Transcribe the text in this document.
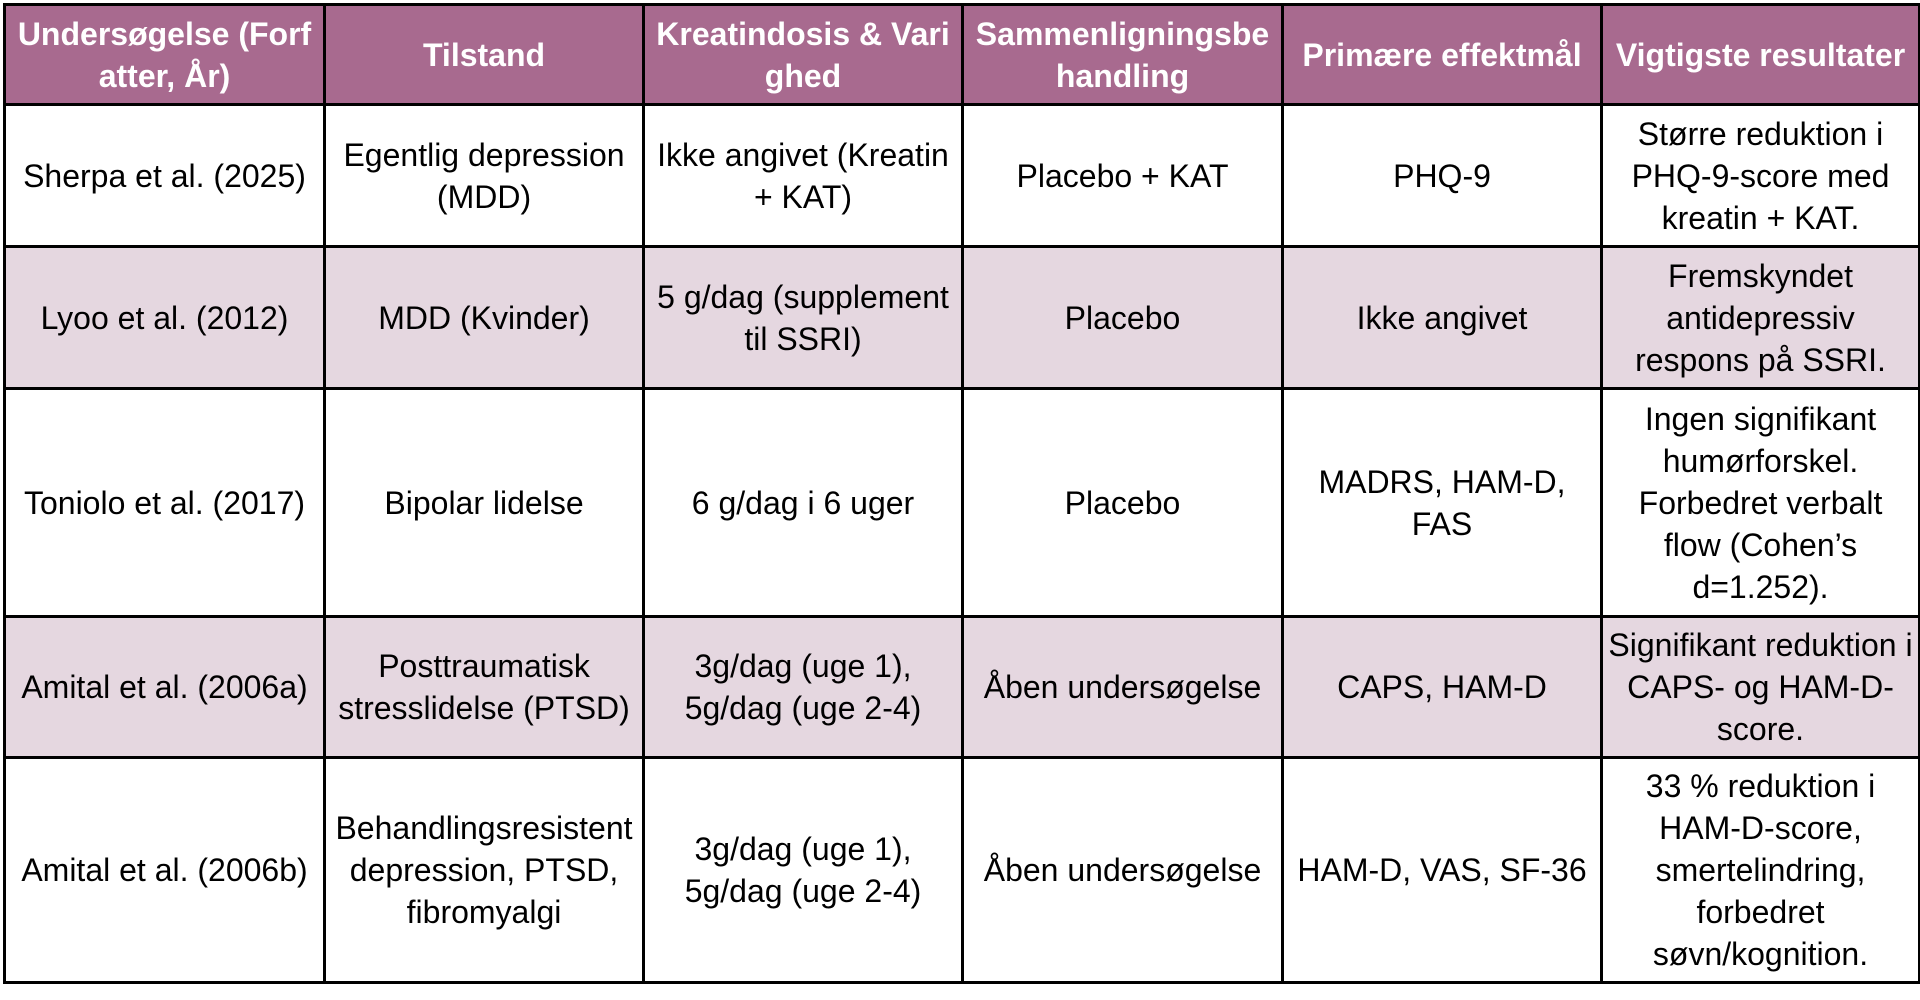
Undersøgelse (Forfatter, År)	Tilstand	Kreatindosis & Varighed	Sammenligningsbehandling	Primære effektmål	Vigtigste resultater
Sherpa et al. (2025)	Egentlig depression (MDD)	Ikke angivet (Kreatin + KAT)	Placebo + KAT	PHQ-9	Større reduktion i PHQ-9-score med kreatin + KAT.
Lyoo et al. (2012)	MDD (Kvinder)	5 g/dag (supplement til SSRI)	Placebo	Ikke angivet	Fremskyndet antidepressiv respons på SSRI.
Toniolo et al. (2017)	Bipolar lidelse	6 g/dag i 6 uger	Placebo	MADRS, HAM-D, FAS	Ingen signifikant humørforskel. Forbedret verbalt flow (Cohen’s d=1.252).
Amital et al. (2006a)	Posttraumatisk stresslidelse (PTSD)	3g/dag (uge 1), 5g/dag (uge 2-4)	Åben undersøgelse	CAPS, HAM-D	Signifikant reduktion i CAPS- og HAM-D-score.
Amital et al. (2006b)	Behandlingsresistent depression, PTSD, fibromyalgi	3g/dag (uge 1), 5g/dag (uge 2-4)	Åben undersøgelse	HAM-D, VAS, SF-36	33 % reduktion i HAM-D-score, smertelindring, forbedret søvn/kognition.
